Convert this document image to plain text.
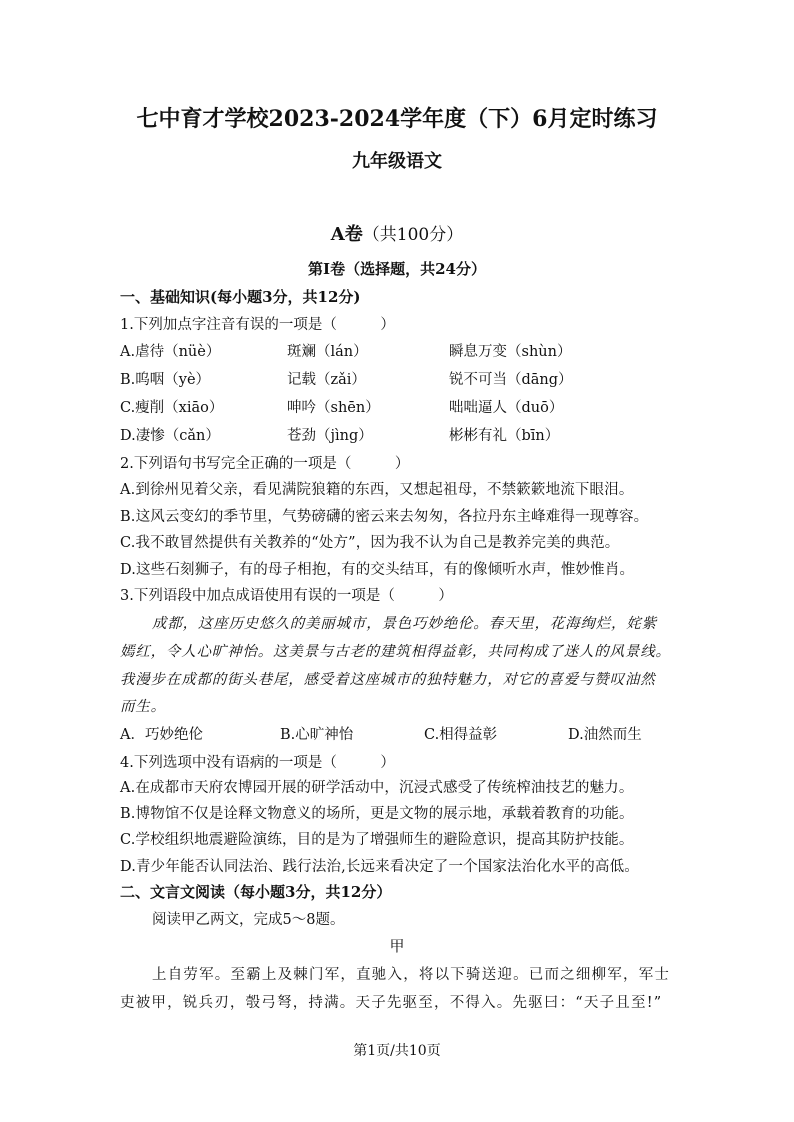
七中育才学校2023-2024学年度（下）6月定时练习
九年级语文
A卷（共100分）
第Ⅰ卷（选择题，共24分）
一、基础知识(每小题3分，共12分)
1.下列加点字注音有误的一项是（　　　）
A.虐待（nüè）	斑斓（lán）	瞬息万变（shùn）
B.呜咽（yè）	记载（zǎi）	锐不可当（dāng）
C.瘦削（xiāo）	呻吟（shēn）	咄咄逼人（duō）
D.凄惨（cǎn）	苍劲（jìng）	彬彬有礼（bīn）
2.下列语句书写完全正确的一项是（　　　）
A.到徐州见着父亲，看见满院狼籍的东西，又想起祖母，不禁簌簌地流下眼泪。
B.这风云变幻的季节里，气势磅礴的密云来去匆匆，各拉丹东主峰难得一现尊容。
C.我不敢冒然提供有关教养的“处方”，因为我不认为自己是教养完美的典范。
D.这些石刻狮子，有的母子相抱，有的交头结耳，有的像倾听水声，惟妙惟肖。
3.下列语段中加点成语使用有误的一项是（　　　）
成都，这座历史悠久的美丽城市，景色巧妙绝伦。春天里，花海绚烂，姹紫
嫣红，令人心旷神怡。这美景与古老的建筑相得益彰，共同构成了迷人的风景线。
我漫步在成都的街头巷尾，感受着这座城市的独特魅力，对它的喜爱与赞叹油然
而生。
A．巧妙绝伦	B.心旷神怡	C.相得益彰	D.油然而生
4.下列选项中没有语病的一项是（　　　）
A.在成都市天府农博园开展的研学活动中，沉浸式感受了传统榨油技艺的魅力。
B.博物馆不仅是诠释文物意义的场所，更是文物的展示地，承载着教育的功能。
C.学校组织地震避险演练，目的是为了增强师生的避险意识，提高其防护技能。
D.青少年能否认同法治、践行法治,长远来看决定了一个国家法治化水平的高低。
二、文言文阅读（每小题3分，共12分）
阅读甲乙两文，完成5～8题。
甲
上自劳军。至霸上及棘门军，直驰入，将以下骑送迎。已而之细柳军，军士
吏被甲，锐兵刃，彀弓弩，持满。天子先驱至，不得入。先驱曰：“天子且至!”
第1页/共10页
